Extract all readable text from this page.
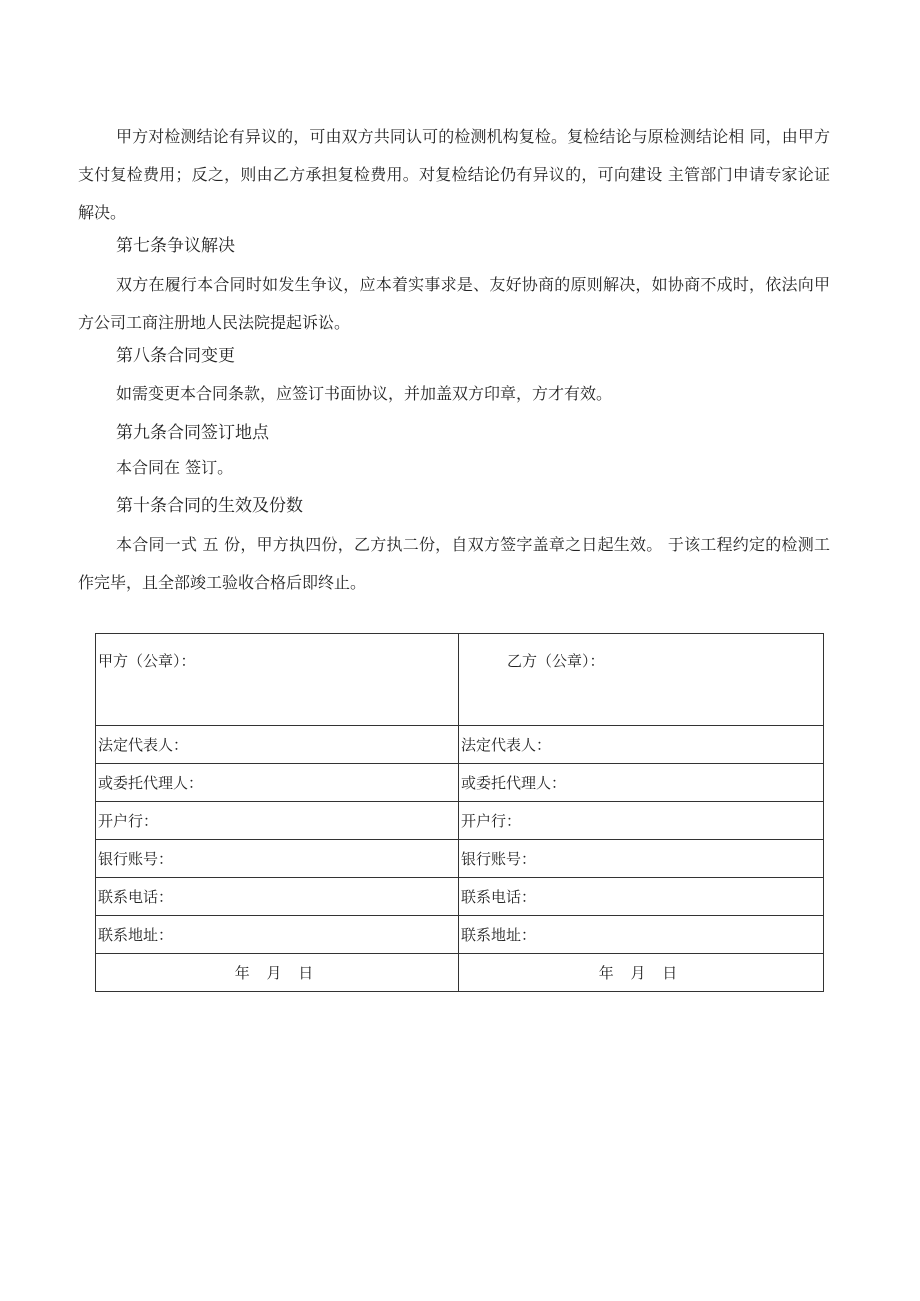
甲方对检测结论有异议的，可由双方共同认可的检测机构复检。复检结论与原检测结论相 同，由甲方支付复检费用；反之，则由乙方承担复检费用。对复检结论仍有异议的，可向建设 主管部门申请专家论证解决。

第七条争议解决

双方在履行本合同时如发生争议，应本着实事求是、友好协商的原则解决，如协商不成时，依法向甲方公司工商注册地人民法院提起诉讼。

第八条合同变更

如需变更本合同条款，应签订书面协议，并加盖双方印章，方才有效。

第九条合同签订地点

本合同在 签订。

第十条合同的生效及份数

本合同一式 五 份，甲方执四份，乙方执二份，自双方签字盖章之日起生效。 于该工程约定的检测工作完毕，且全部竣工验收合格后即终止。

甲方（公章）：	乙方（公章）：
法定代表人：	法定代表人：
或委托代理人：	或委托代理人：
开户行：	开户行：
银行账号：	银行账号：
联系电话：	联系电话：
联系地址：	联系地址：
年 月 日	年 月 日
